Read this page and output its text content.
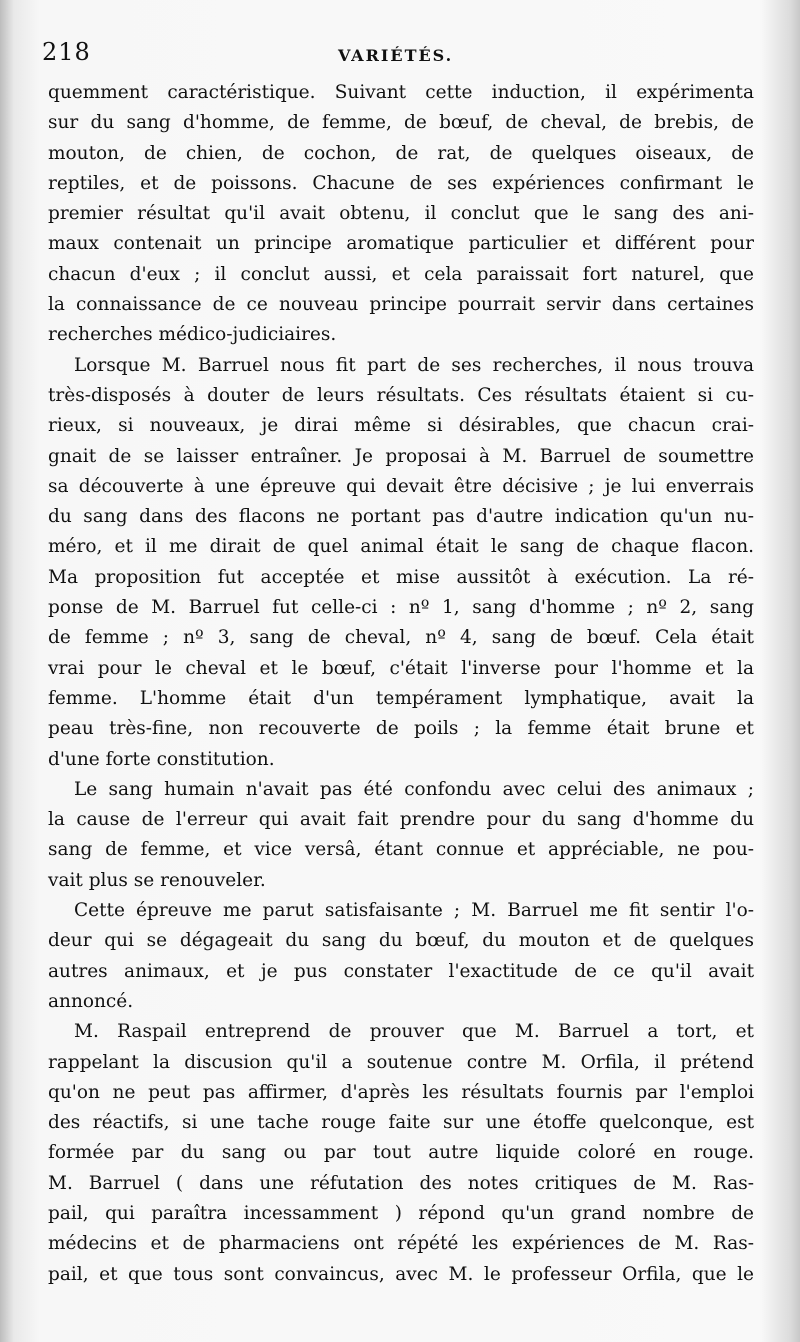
218	VARIÉTÉS.
quemment caractéristique. Suivant cette induction, il expérimenta
sur du sang d'homme, de femme, de bœuf, de cheval, de brebis, de
mouton, de chien, de cochon, de rat, de quelques oiseaux, de
reptiles, et de poissons. Chacune de ses expériences confirmant le
premier résultat qu'il avait obtenu, il conclut que le sang des ani-
maux contenait un principe aromatique particulier et différent pour
chacun d'eux ; il conclut aussi, et cela paraissait fort naturel, que
la connaissance de ce nouveau principe pourrait servir dans certaines
recherches médico-judiciaires.
Lorsque M. Barruel nous fit part de ses recherches, il nous trouva
très-disposés à douter de leurs résultats. Ces résultats étaient si cu-
rieux, si nouveaux, je dirai même si désirables, que chacun crai-
gnait de se laisser entraîner. Je proposai à M. Barruel de soumettre
sa découverte à une épreuve qui devait être décisive ; je lui enverrais
du sang dans des flacons ne portant pas d'autre indication qu'un nu-
méro, et il me dirait de quel animal était le sang de chaque flacon.
Ma proposition fut acceptée et mise aussitôt à exécution. La ré-
ponse de M. Barruel fut celle-ci : nº 1, sang d'homme ; nº 2, sang
de femme ; nº 3, sang de cheval, nº 4, sang de bœuf. Cela était
vrai pour le cheval et le bœuf, c'était l'inverse pour l'homme et la
femme. L'homme était d'un tempérament lymphatique, avait la
peau très-fine, non recouverte de poils ; la femme était brune et
d'une forte constitution.
Le sang humain n'avait pas été confondu avec celui des animaux ;
la cause de l'erreur qui avait fait prendre pour du sang d'homme du
sang de femme, et vice versâ, étant connue et appréciable, ne pou-
vait plus se renouveler.
Cette épreuve me parut satisfaisante ; M. Barruel me fit sentir l'o-
deur qui se dégageait du sang du bœuf, du mouton et de quelques
autres animaux, et je pus constater l'exactitude de ce qu'il avait
annoncé.
M. Raspail entreprend de prouver que M. Barruel a tort, et
rappelant la discusion qu'il a soutenue contre M. Orfila, il prétend
qu'on ne peut pas affirmer, d'après les résultats fournis par l'emploi
des réactifs, si une tache rouge faite sur une étoffe quelconque, est
formée par du sang ou par tout autre liquide coloré en rouge.
M. Barruel ( dans une réfutation des notes critiques de M. Ras-
pail, qui paraîtra incessamment ) répond qu'un grand nombre de
médecins et de pharmaciens ont répété les expériences de M. Ras-
pail, et que tous sont convaincus, avec M. le professeur Orfila, que le
